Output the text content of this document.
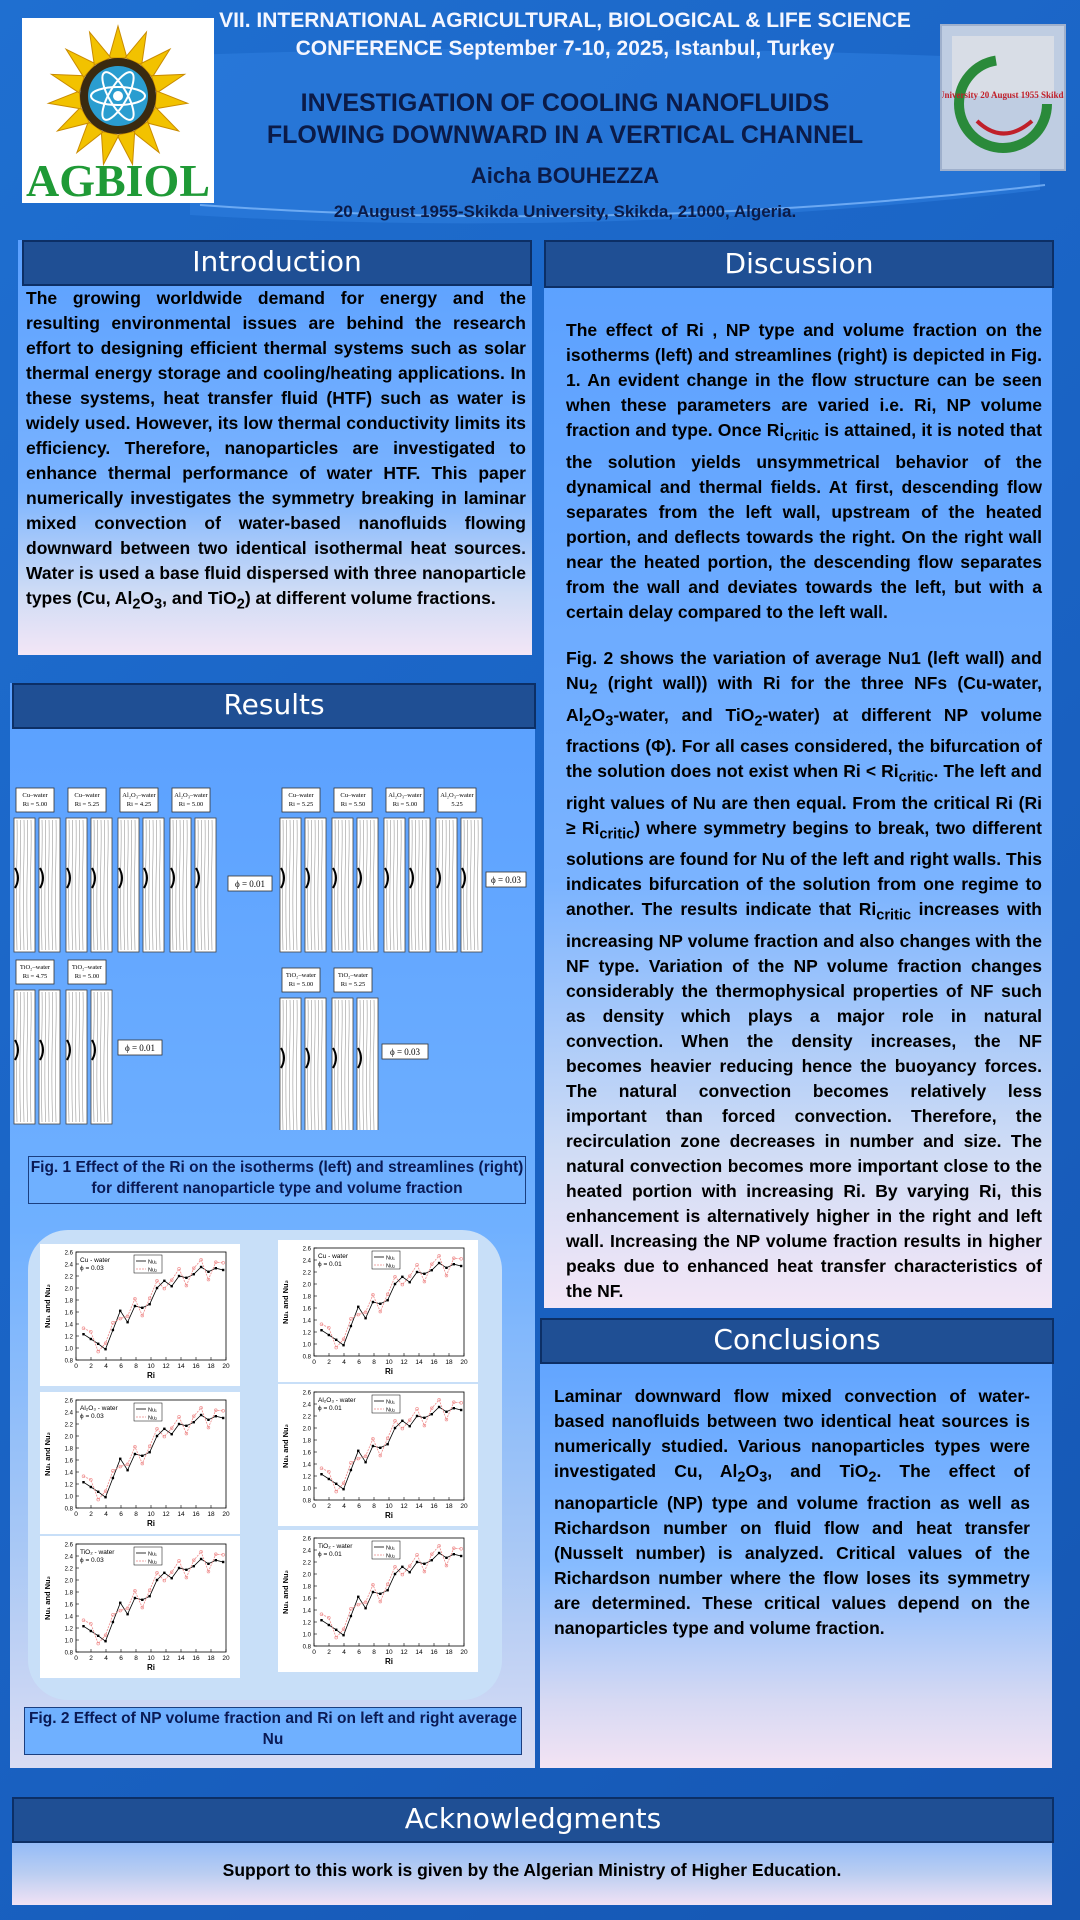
AGBIOL
University 20 August 1955 Skikda
VII. INTERNATIONAL AGRICULTURAL, BIOLOGICAL & LIFE SCIENCE
CONFERENCE September 7-10, 2025, Istanbul, Turkey
INVESTIGATION OF COOLING NANOFLUIDS
FLOWING DOWNWARD IN A VERTICAL CHANNEL
Aicha BOUHEZZA
20 August 1955-Skikda University, Skikda, 21000, Algeria.
Introduction
The growing worldwide demand for energy and the resulting environmental issues are behind the research effort to designing efficient thermal systems such as solar thermal energy storage and cooling/heating applications. In these systems, heat transfer fluid (HTF) such as water is widely used. However, its low thermal conductivity limits its efficiency. Therefore, nanoparticles are investigated to enhance thermal performance of water HTF. This paper numerically investigates the symmetry breaking in laminar mixed convection of water-based nanofluids flowing downward between two identical isothermal heat sources. Water is used a base fluid dispersed with three nanoparticle types (Cu, $Al_2O_3$, and TiO$_2$) at different volume fractions.
Results
Cu–water
Ri = 5.00
Cu–water
Ri = 5.25
Al₂O₃–water
Ri = 4.25
Al₂O₃–water
Ri = 5.00
Cu–water
Ri = 5.25
Cu–water
Ri = 5.50
Al₂O₃–water
Ri = 5.00
Al₂O₃–water
5.25
TiO₂–water
Ri = 4.75
TiO₂–water
Ri = 5.00	TiO₂–water
Ri = 5.00
TiO₂–water
Ri = 5.25
ϕ = 0.01	ϕ = 0.03
ϕ = 0.01	ϕ = 0.03
Fig. 1 Effect of the Ri on the isotherms (left) and streamlines (right) for different nanoparticle type and volume fraction
0.8
1.0
1.2
1.4
1.6
1.8
2.0
2.2
2.4
2.6
0 2 4 6 8 10 12 14 16 18 20
Ri
Nu₁ and Nu₂
Cu - water
ϕ = 0.03
Nu₁
Nu₂
0.8
1.0
1.2
1.4
1.6
1.8
2.0
2.2
2.4
2.6
0 2 4 6 8 10 12 14 16 18 20
Ri
Nu₁ and Nu₂
Cu - water
ϕ = 0.01
Nu₁
Nu₂
0.8
1.0
1.2
1.4
1.6
1.8
2.0
2.2
2.4
2.6
0 2 4 6 8 10 12 14 16 18 20
Ri
Nu₁ and Nu₂
Al₂O₃ - water
ϕ = 0.03
Nu₁
Nu₂
0.8
1.0
1.2
1.4
1.6
1.8
2.0
2.2
2.4
2.6
0 2 4 6 8 10 12 14 16 18 20
Ri
Nu₁ and Nu₂
Al₂O₃ - water
ϕ = 0.01
Nu₁
Nu₂
0.8
1.0
1.2
1.4
1.6
1.8
2.0
2.2
2.4
2.6
0 2 4 6 8 10 12 14 16 18 20
Ri
Nu₁ and Nu₂
TiO₂ - water
ϕ = 0.03
Nu₁
Nu₂
0.8
1.0
1.2
1.4
1.6
1.8
2.0
2.2
2.4
2.6
0 2 4 6 8 10 12 14 16 18 20
Ri
Nu₁ and Nu₂
TiO₂ - water
ϕ = 0.01
Nu₁
Nu₂
Fig. 2 Effect of NP volume fraction and Ri on left and right average Nu
Discussion
The effect of Ri , NP type and volume fraction on the isotherms (left) and streamlines (right) is depicted in Fig. 1. An evident change in the flow structure can be seen when these parameters are varied i.e. Ri, NP volume fraction and type. Once $Ri_{critic}$ is attained, it is noted that the solution yields unsymmetrical behavior of the dynamical and thermal fields. At first, descending flow separates from the left wall, upstream of the heated portion, and deflects towards the right. On the right wall near the heated portion, the descending flow separates from the wall and deviates towards the left, but with a certain delay compared to the left wall.
Fig. 2 shows the variation of average Nu1 (left wall) and $Nu_2$ (right wall)) with Ri for the three NFs (Cu-water, $Al_2O_3$-water, and TiO$_2$-water) at different NP volume fractions (Φ). For all cases considered, the bifurcation of the solution does not exist when $Ri < Ri_{critic}$. The left and right values of Nu are then equal. From the critical Ri $(Ri \ge Ri_{critic})$ where symmetry begins to break, two different solutions are found for Nu of the left and right walls. This indicates bifurcation of the solution from one regime to another. The results indicate that $Ri_{critic}$ increases with increasing NP volume fraction and also changes with the NF type. Variation of the NP volume fraction changes considerably the thermophysical properties of NF such as density which plays a major role in natural convection. When the density increases, the NF becomes heavier reducing hence the buoyancy forces. The natural convection becomes relatively less important than forced convection. Therefore, the recirculation zone decreases in number and size. The natural convection becomes more important close to the heated portion with increasing Ri. By varying Ri, this enhancement is alternatively higher in the right and left wall. Increasing the NP volume fraction results in higher peaks due to enhanced heat transfer characteristics of the NF.
Conclusions
Laminar downward flow mixed convection of water-based nanofluids between two identical heat sources is numerically studied. Various nanoparticles types were investigated Cu, $Al_2O_3$, and TiO$_2$. The effect of nanoparticle (NP) type and volume fraction as well as Richardson number on fluid flow and heat transfer (Nusselt number) is analyzed. Critical values of the Richardson number where the flow loses its symmetry are determined. These critical values depend on the nanoparticles type and volume fraction.
Acknowledgments
Support to this work is given by the Algerian Ministry of Higher Education.
